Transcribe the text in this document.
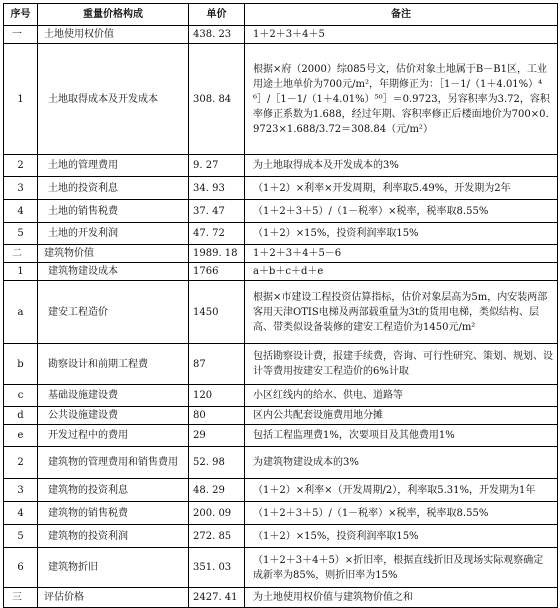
序号	重量价格构成	单价	备注
一	土地使用权价值	438. 23	1＋2＋3＋4＋5
1	土地取得成本及开发成本	308. 84	根据×府（2000）综085号文，估价对象土地属于B－B1区，工业用途土地单价为700元/m²，年期修正为：［1－1/（1＋4.01%）⁴⁶］/［1－1/（1＋4.01%）⁵⁰］＝0.9723，另容积率为3.72，容积率修正系数为1.688，经过年期、容积率修正后楼面地价为700×0.9723×1.688/3.72＝308.84（元/m²）
2	土地的管理费用	9. 27	为土地取得成本及开发成本的3%
3	土地的投资利息	34. 93	（1＋2）×利率×开发周期，利率取5.49%，开发期为2年
4	土地的销售税费	37. 47	（1＋2＋3＋5）/（1－税率）×税率，税率取8.55%
5	土地的开发利润	47. 72	（1＋2）×15%，投资利润率取15%
二	建筑物价值	1989. 18	1＋2＋3＋4＋5－6
1	建筑物建设成本	1766	a＋b＋c＋d＋e
a	建安工程造价	1450	根据×市建设工程投资估算指标，估价对象层高为5m，内安装两部客用天津OTIS电梯及两部载重量为3t的货用电梯，类似结构、层高、带类似设备装修的建安工程造价为1450元/m²
b	勘察设计和前期工程费	87	包括勘察设计费，报建手续费，咨询、可行性研究、策划、规划、设计等费用按建安工程造价的6%计取
c	基础设施建设费	120	小区红线内的给水、供电、道路等
d	公共设施建设费	80	区内公共配套设施费用地分摊
e	开发过程中的费用	29	包括工程监理费1%，次要项目及其他费用1%
2	建筑物的管理费用和销售费用	52. 98	为建筑物建设成本的3%
3	建筑物的投资利息	48. 29	（1＋2）×利率×（开发周期/2），利率取5.31%，开发期为1年
4	建筑物的销售税费	200. 09	（1＋2＋3＋5）/（1－税率）×税率，税率取8.55%
5	建筑物的投资利润	272. 85	（1＋2）×15%，投资利润率取15%
6	建筑物折旧	351. 03	（1＋2＋3＋4＋5）×折旧率，根据直线折旧及现场实际观察确定成新率为85%，则折旧率为15%
三	评估价格	2427. 41	为土地使用权价值与建筑物价值之和
